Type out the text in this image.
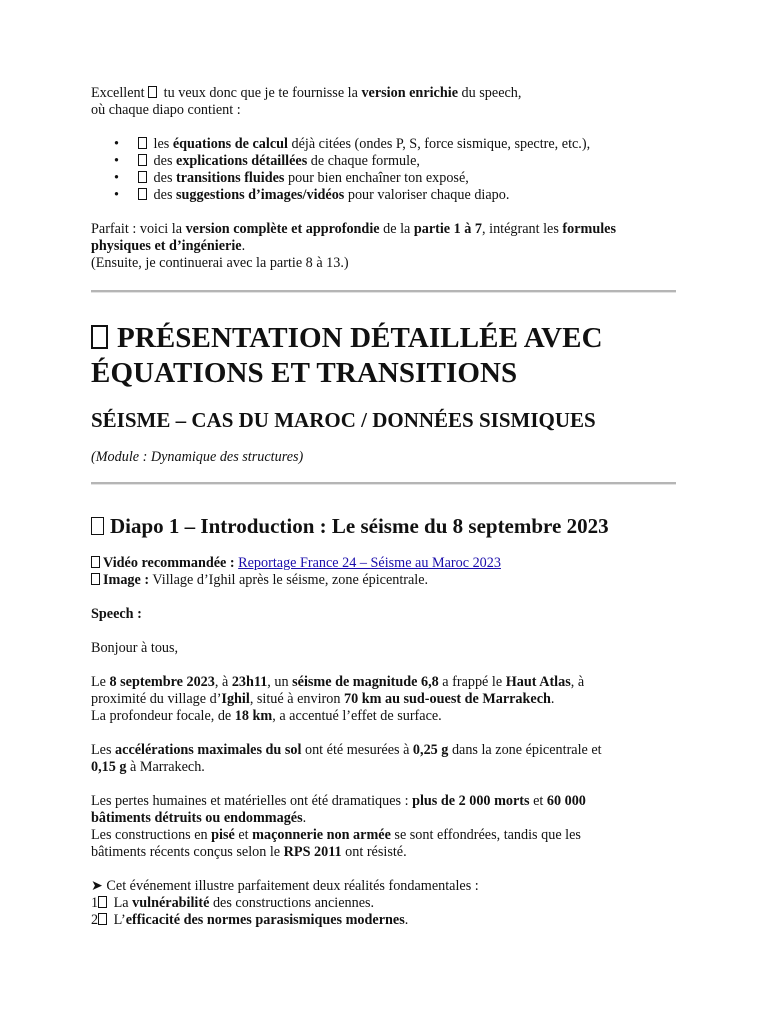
Excellent  tu veux donc que je te fournisse la version enrichie du speech,

où chaque diapo contient :

• les équations de calcul déjà citées (ondes P, S, force sismique, spectre, etc.),
• des explications détaillées de chaque formule,
• des transitions fluides pour bien enchaîner ton exposé,
• des suggestions d’images/vidéos pour valoriser chaque diapo.

Parfait : voici la version complète et approfondie de la partie 1 à 7, intégrant les formules

physiques et d’ingénierie.

(Ensuite, je continuerai avec la partie 8 à 13.)

PRÉSENTATION DÉTAILLÉE AVEC
ÉQUATIONS ET TRANSITIONS
SÉISME – CAS DU MAROC / DONNÉES SISMIQUES

(Module : Dynamique des structures)

Diapo 1 – Introduction : Le séisme du 8 septembre 2023

Vidéo recommandée : Reportage France 24 – Séisme au Maroc 2023

Image : Village d’Ighil après le séisme, zone épicentrale.

Speech :

Bonjour à tous,

Le 8 septembre 2023, à 23h11, un séisme de magnitude 6,8 a frappé le Haut Atlas, à

proximité du village d’Ighil, situé à environ 70 km au sud-ouest de Marrakech.

La profondeur focale, de 18 km, a accentué l’effet de surface.

Les accélérations maximales du sol ont été mesurées à 0,25 g dans la zone épicentrale et

0,15 g à Marrakech.

Les pertes humaines et matérielles ont été dramatiques : plus de 2 000 morts et 60 000

bâtiments détruits ou endommagés.

Les constructions en pisé et maçonnerie non armée se sont effondrées, tandis que les

bâtiments récents conçus selon le RPS 2011 ont résisté.

➤ Cet événement illustre parfaitement deux réalités fondamentales :

1 La vulnérabilité des constructions anciennes.

2 L’efficacité des normes parasismiques modernes.
